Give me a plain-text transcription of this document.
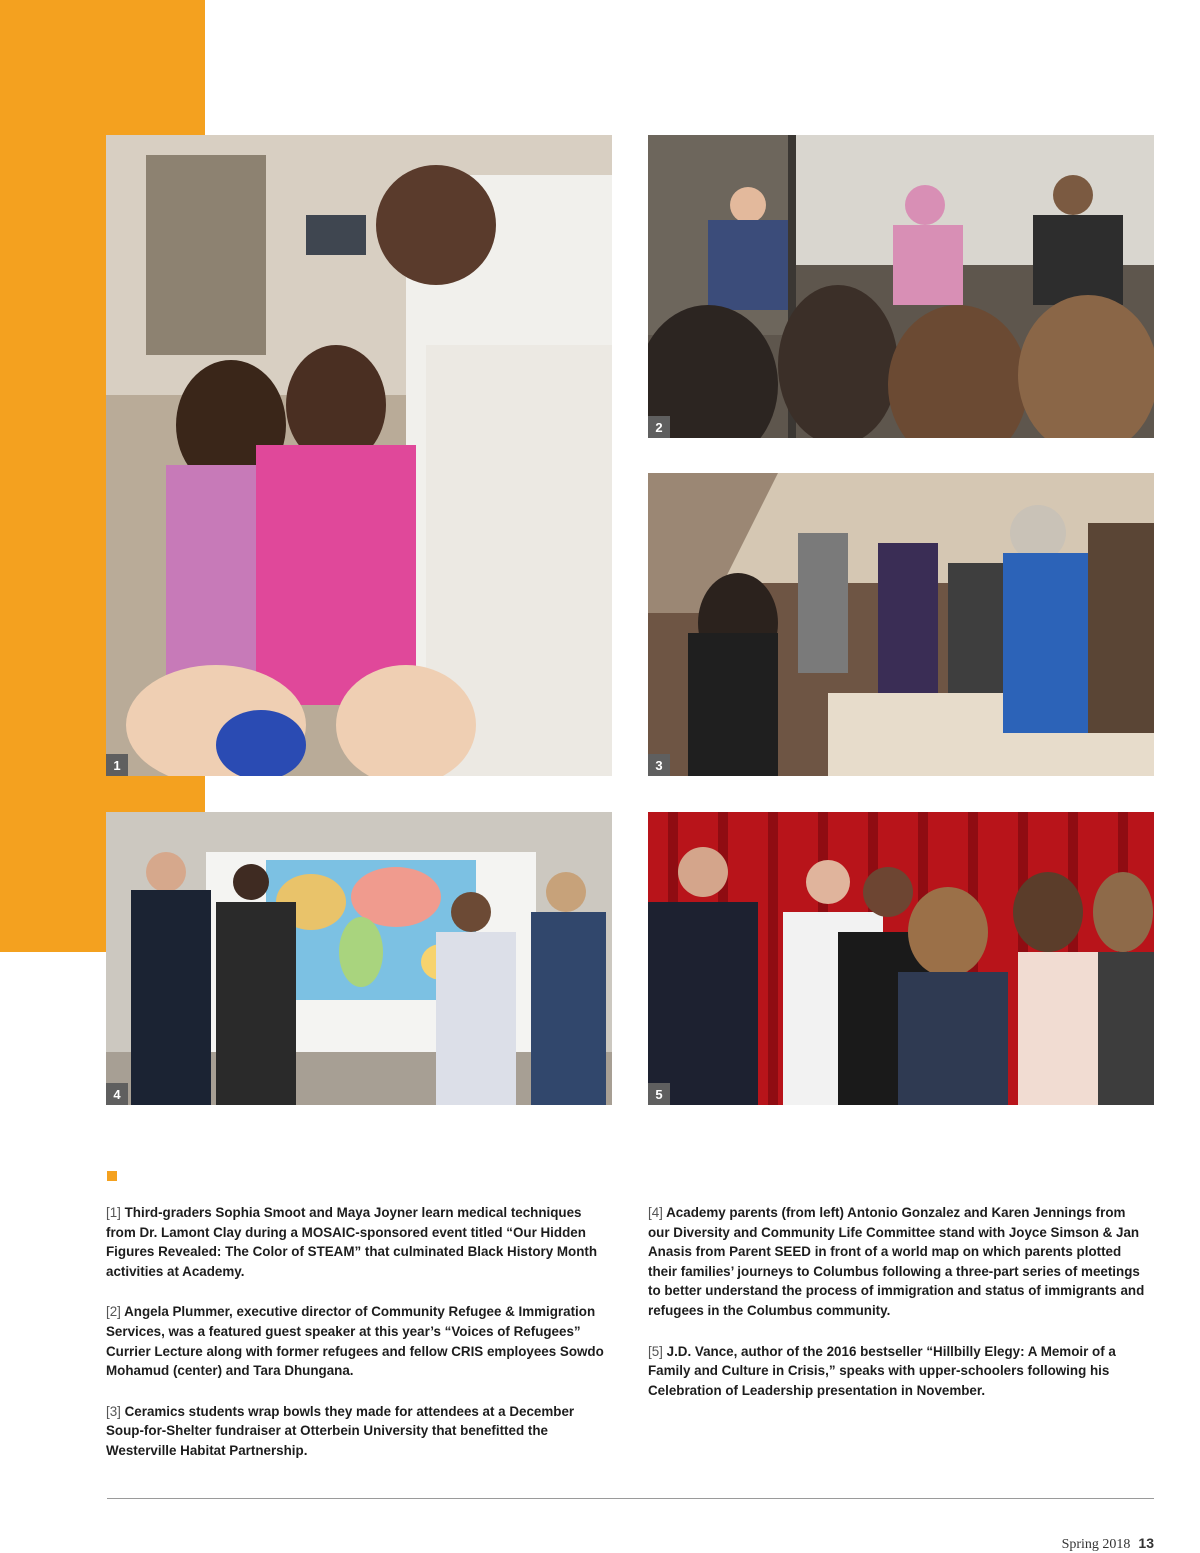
1
2
3
4	5

[1] Third-graders Sophia Smoot and Maya Joyner learn medical techniques from Dr. Lamont Clay during a MOSAIC-sponsored event titled “Our Hidden Figures Revealed: The Color of STEAM” that culminated Black History Month activities at Academy.

[2] Angela Plummer, executive director of Community Refugee & Immigration Services, was a featured guest speaker at this year’s “Voices of Refugees” Currier Lecture along with former refugees and fellow CRIS employees Sowdo Mohamud (center) and Tara Dhungana.

[3] Ceramics students wrap bowls they made for attendees at a December Soup-for-Shelter fundraiser at Otterbein University that benefitted the Westerville Habitat Partnership.

[4] Academy parents (from left) Antonio Gonzalez and Karen Jennings from our Diversity and Community Life Committee stand with Joyce Simson & Jan Anasis from Parent SEED in front of a world map on which parents plotted their families’ journeys to Columbus following a three-part series of meetings to better understand the process of immigration and status of immigrants and refugees in the Columbus community.

[5] J.D. Vance, author of the 2016 bestseller “Hillbilly Elegy: A Memoir of a Family and Culture in Crisis,” speaks with upper-schoolers following his Celebration of Leadership presentation in November.

Spring 2018 13
